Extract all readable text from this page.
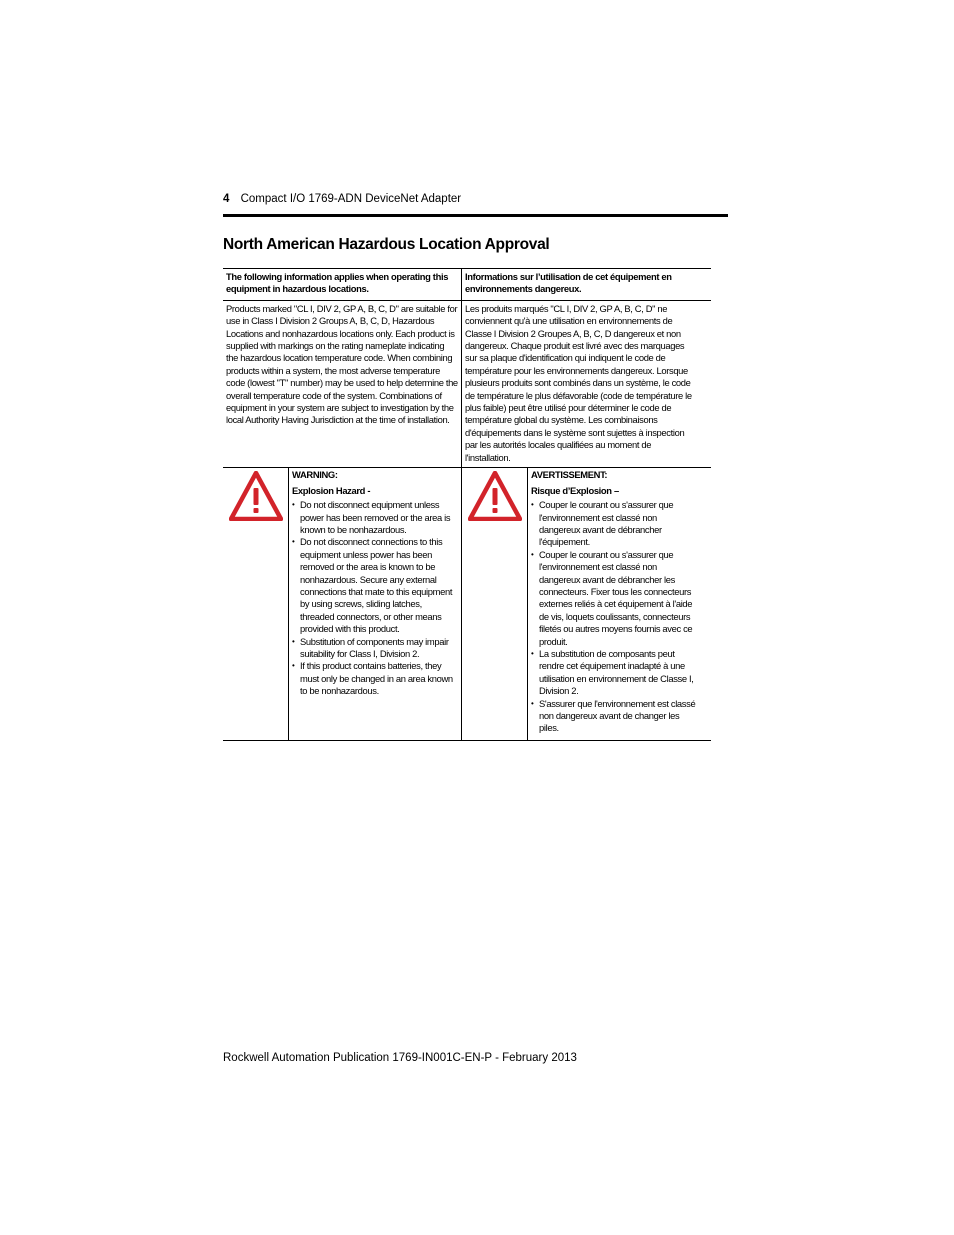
4 Compact I/O 1769-ADN DeviceNet Adapter
North American Hazardous Location Approval
The following information applies when operating this equipment in hazardous locations.
Informations sur l’utilisation de cet équipement en environnements dangereux.
Products marked "CL I, DIV 2, GP A, B, C, D" are suitable for use in Class I Division 2 Groups A, B, C, D, Hazardous Locations and nonhazardous locations only. Each product is supplied with markings on the rating nameplate indicating the hazardous location temperature code. When combining products within a system, the most adverse temperature code (lowest "T" number) may be used to help determine the overall temperature code of the system. Combinations of equipment in your system are subject to investigation by the local Authority Having Jurisdiction at the time of installation.
Les produits marqués "CL I, DIV 2, GP A, B, C, D" ne conviennent qu'à une utilisation en environnements de Classe I Division 2 Groupes A, B, C, D dangereux et non dangereux. Chaque produit est livré avec des marquages sur sa plaque d'identification qui indiquent le code de température pour les environnements dangereux. Lorsque plusieurs produits sont combinés dans un système, le code de température le plus défavorable (code de température le plus faible) peut être utilisé pour déterminer le code de température global du système. Les combinaisons d'équipements dans le système sont sujettes à inspection par les autorités locales qualifiées au moment de l'installation.
WARNING:
Explosion Hazard -
• Do not disconnect equipment unless power has been removed or the area is known to be nonhazardous.
• Do not disconnect connections to this equipment unless power has been removed or the area is known to be nonhazardous. Secure any external connections that mate to this equipment by using screws, sliding latches, threaded connectors, or other means provided with this product.
• Substitution of components may impair suitability for Class I, Division 2.
• If this product contains batteries, they must only be changed in an area known to be nonhazardous.
AVERTISSEMENT:
Risque d’Explosion –
• Couper le courant ou s'assurer que l'environnement est classé non dangereux avant de débrancher l'équipement.
• Couper le courant ou s'assurer que l'environnement est classé non dangereux avant de débrancher les connecteurs. Fixer tous les connecteurs externes reliés à cet équipement à l'aide de vis, loquets coulissants, connecteurs filetés ou autres moyens fournis avec ce produit.
• La substitution de composants peut rendre cet équipement inadapté à une utilisation en environnement de Classe I, Division 2.
• S'assurer que l'environnement est classé non dangereux avant de changer les piles.
Rockwell Automation Publication 1769-IN001C-EN-P - February 2013
